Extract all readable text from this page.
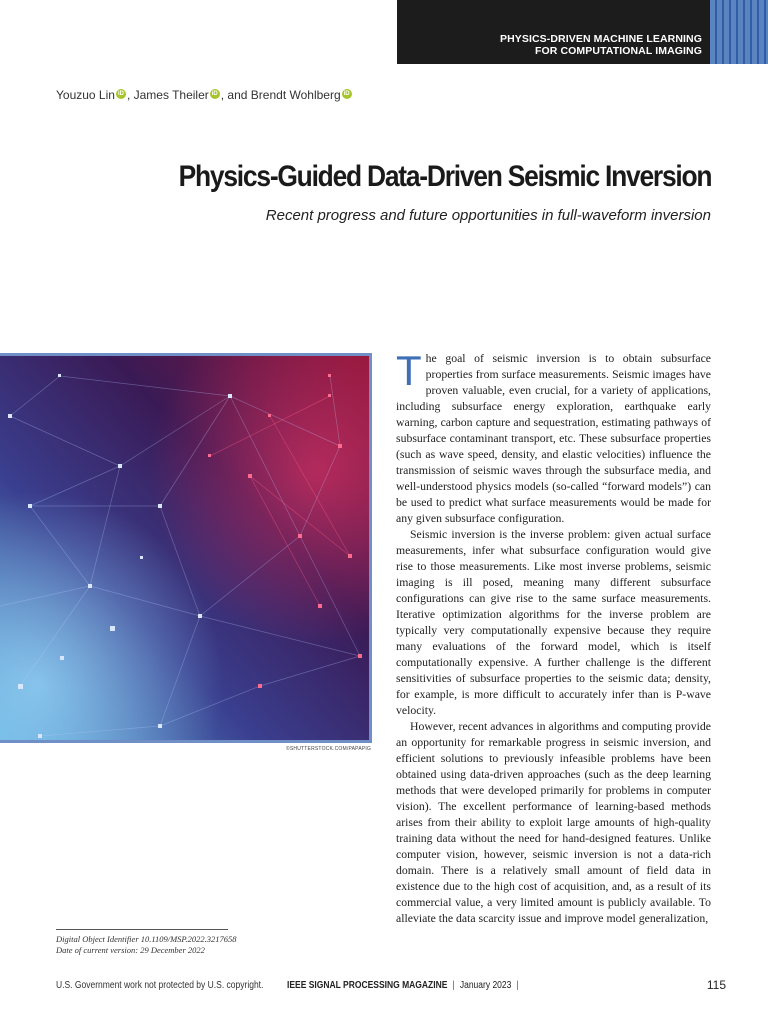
PHYSICS-DRIVEN MACHINE LEARNING
FOR COMPUTATIONAL IMAGING
Youzuo Lin iD , James Theiler iD , and Brendt Wohlberg iD
Physics-Guided Data-Driven Seismic Inversion
Recent progress and future opportunities in full-waveform inversion
©SHUTTERSTOCK.COM/PAPAPIG

The goal of seismic inversion is to obtain subsurface properties from surface measurements. Seismic images have proven valuable, even crucial, for a variety of applications, including subsurface energy exploration, earthquake early warning, carbon capture and sequestration, estimating pathways of subsurface contaminant transport, etc. These subsurface properties (such as wave speed, density, and elastic velocities) influence the transmission of seismic waves through the subsurface media, and well-understood physics models (so-called “forward models”) can be used to predict what surface measurements would be made for any given subsurface configuration.

Seismic inversion is the inverse problem: given actual surface measurements, infer what subsurface configuration would give rise to those measurements. Like most inverse problems, seismic imaging is ill posed, meaning many different subsurface configurations can give rise to the same surface measurements. Iterative optimization algorithms for the inverse problem are typically very computationally expensive because they require many evaluations of the forward model, which is itself computationally expensive. A further challenge is the different sensitivities of subsurface properties to the seismic data; density, for example, is more difficult to accurately infer than is P-wave velocity.

However, recent advances in algorithms and computing provide an opportunity for remarkable progress in seismic inversion, and efficient solutions to previously infeasible problems have been obtained using data-driven approaches (such as the deep learning methods that were developed primarily for problems in computer vision). The excellent performance of learning-based methods arises from their ability to exploit large amounts of high-quality training data without the need for hand-designed features. Unlike computer vision, however, seismic inversion is not a data-rich domain. There is a relatively small amount of field data in existence due to the high cost of acquisition, and, as a result of its commercial value, a very limited amount is publicly available. To alleviate the data scarcity issue and improve model generalization,

Digital Object Identifier 10.1109/MSP.2022.3217658
Date of current version: 29 December 2022
U.S. Government work not protected by U.S. copyright. IEEE SIGNAL PROCESSING MAGAZINE | January 2023 |	115
